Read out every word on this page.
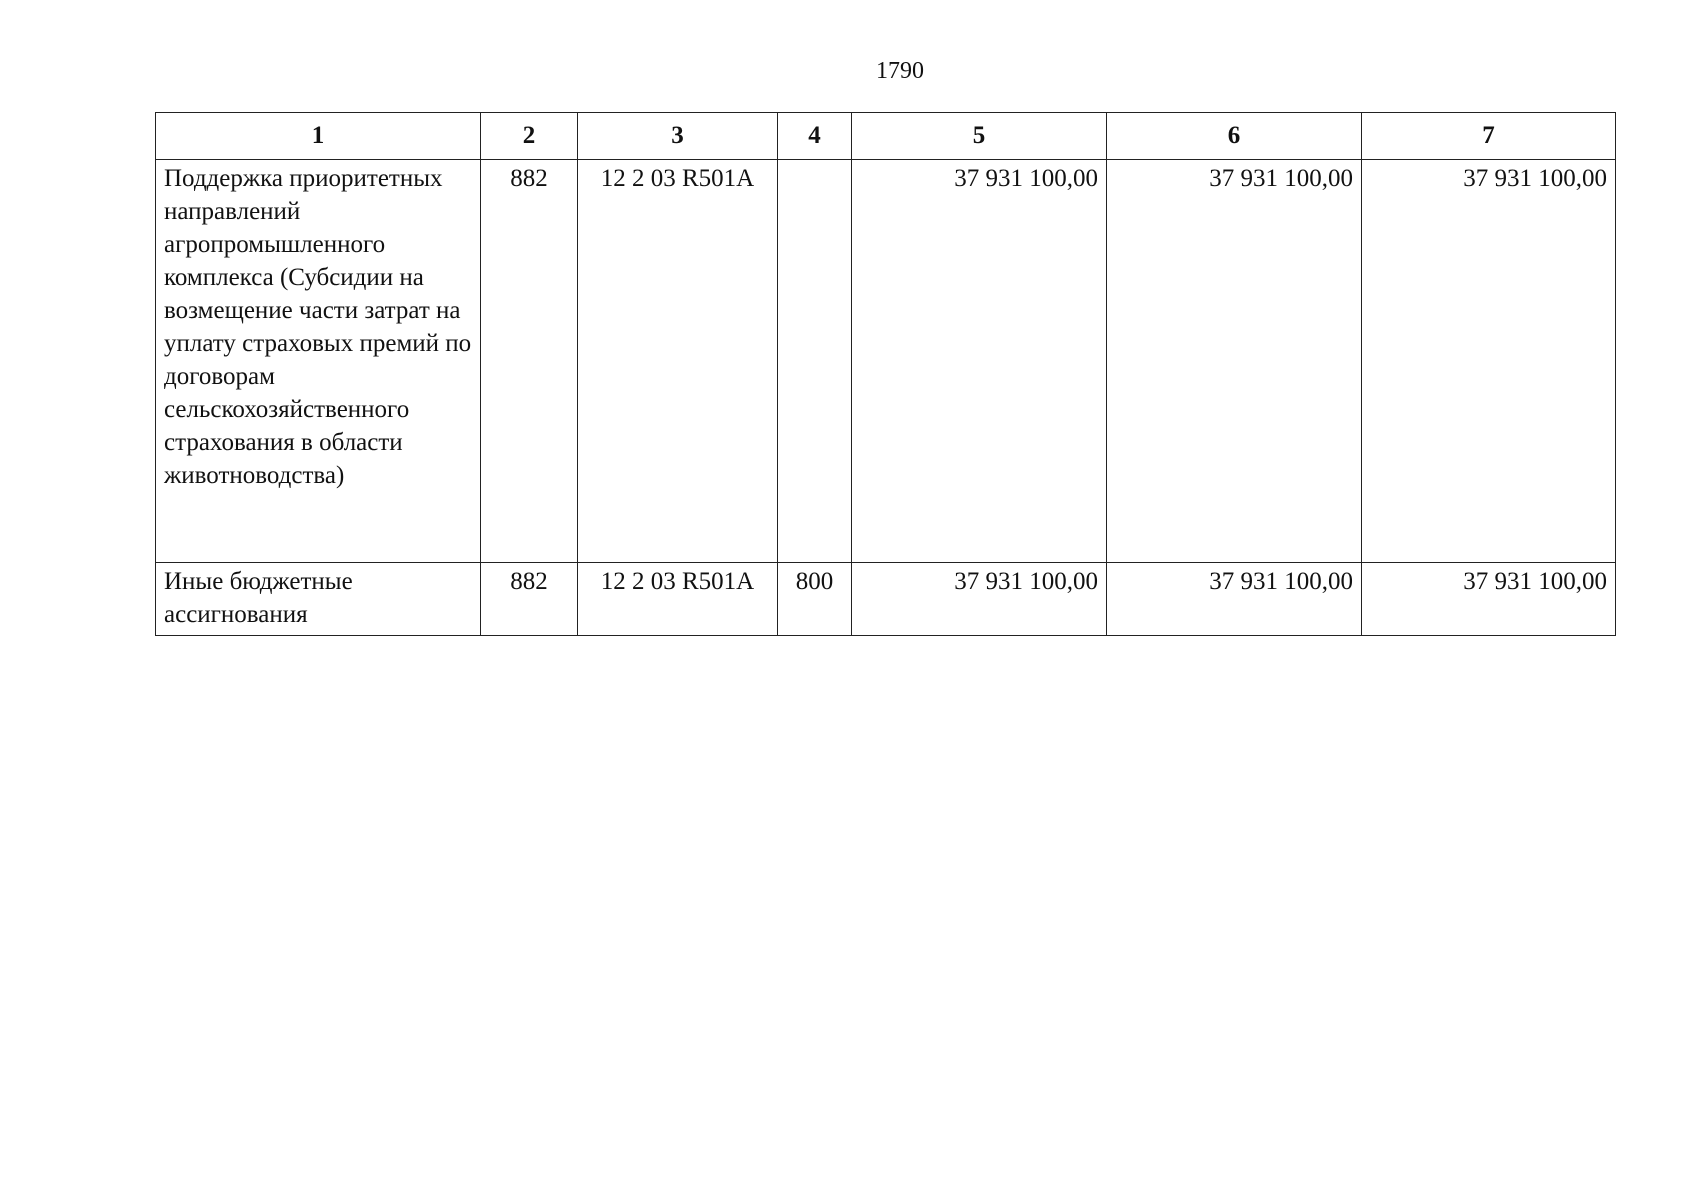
1790
1	2	3	4	5	6	7
Поддержка приоритетных направлений агропромышленного комплекса (Субсидии на возмещение части затрат на уплату страховых премий по договорам сельскохозяйственного страхования в области животноводства)	882	12 2 03 R501A		37 931 100,00	37 931 100,00	37 931 100,00
Иные бюджетные ассигнования	882	12 2 03 R501A	800	37 931 100,00	37 931 100,00	37 931 100,00
